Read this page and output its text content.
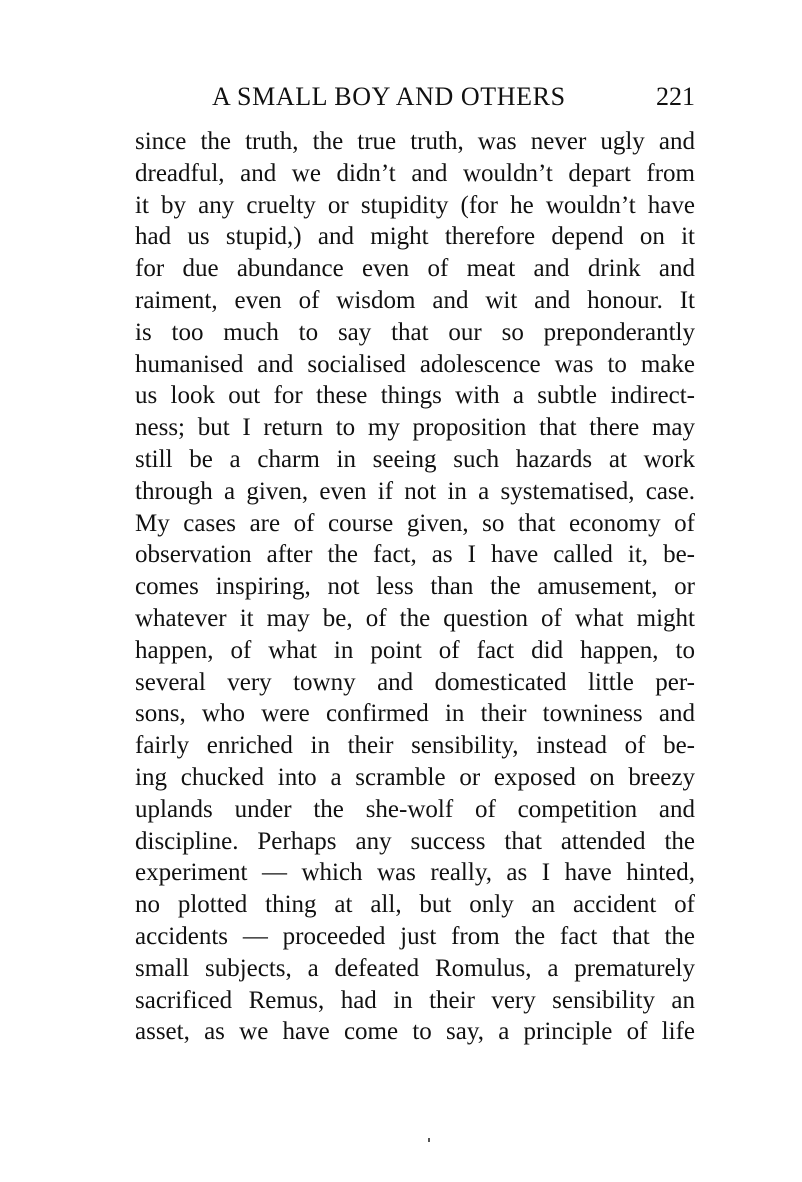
A SMALL BOY AND OTHERS	221
since the truth, the true truth, was never ugly and
dreadful, and we didn’t and wouldn’t depart from
it by any cruelty or stupidity (for he wouldn’t have
had us stupid,) and might therefore depend on it
for due abundance even of meat and drink and
raiment, even of wisdom and wit and honour. It
is too much to say that our so preponderantly
humanised and socialised adolescence was to make
us look out for these things with a subtle indirect-
ness; but I return to my proposition that there may
still be a charm in seeing such hazards at work
through a given, even if not in a systematised, case.
My cases are of course given, so that economy of
observation after the fact, as I have called it, be-
comes inspiring, not less than the amusement, or
whatever it may be, of the question of what might
happen, of what in point of fact did happen, to
several very towny and domesticated little per-
sons, who were confirmed in their towniness and
fairly enriched in their sensibility, instead of be-
ing chucked into a scramble or exposed on breezy
uplands under the she-wolf of competition and
discipline. Perhaps any success that attended the
experiment — which was really, as I have hinted,
no plotted thing at all, but only an accident of
accidents — proceeded just from the fact that the
small subjects, a defeated Romulus, a prematurely
sacrificed Remus, had in their very sensibility an
asset, as we have come to say, a principle of life
